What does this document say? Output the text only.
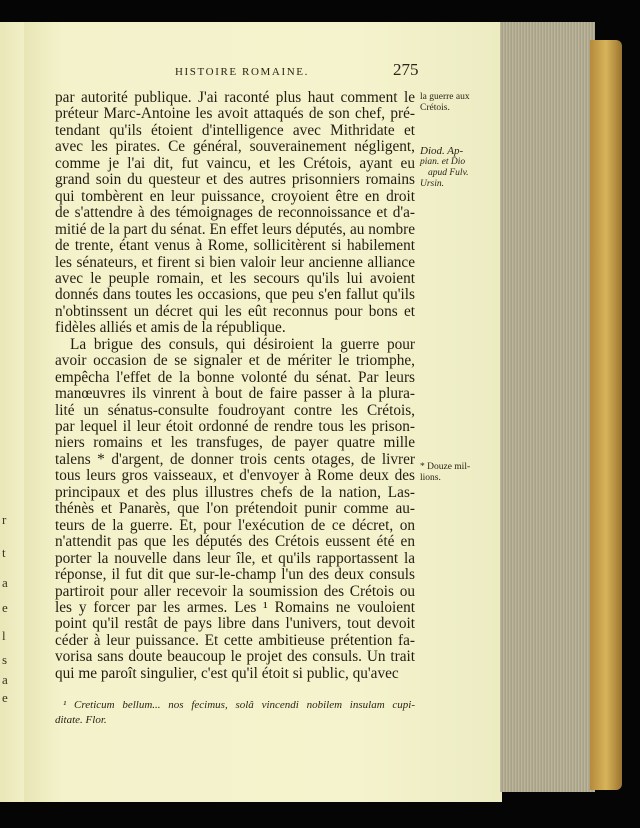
r
t
a
e
l
s
a
e
HISTOIRE ROMAINE.	275
par autorité publique. J'ai raconté plus haut comment le
préteur Marc-Antoine les avoit attaqués de son chef, pré-
tendant qu'ils étoient d'intelligence avec Mithridate et
avec les pirates. Ce général, souverainement négligent,
comme je l'ai dit, fut vaincu, et les Crétois, ayant eu
grand soin du questeur et des autres prisonniers romains
qui tombèrent en leur puissance, croyoient être en droit
de s'attendre à des témoignages de reconnoissance et d'a-
mitié de la part du sénat. En effet leurs députés, au nombre
de trente, étant venus à Rome, sollicitèrent si habilement
les sénateurs, et firent si bien valoir leur ancienne alliance
avec le peuple romain, et les secours qu'ils lui avoient
donnés dans toutes les occasions, que peu s'en fallut qu'ils
n'obtinssent un décret qui les eût reconnus pour bons et
fidèles alliés et amis de la république.
La brigue des consuls, qui désiroient la guerre pour
avoir occasion de se signaler et de mériter le triomphe,
empêcha l'effet de la bonne volonté du sénat. Par leurs
manœuvres ils vinrent à bout de faire passer à la plura-
lité un sénatus-consulte foudroyant contre les Crétois,
par lequel il leur étoit ordonné de rendre tous les prison-
niers romains et les transfuges, de payer quatre mille
talens * d'argent, de donner trois cents otages, de livrer
tous leurs gros vaisseaux, et d'envoyer à Rome deux des
principaux et des plus illustres chefs de la nation, Las-
thénès et Panarès, que l'on prétendoit punir comme au-
teurs de la guerre. Et, pour l'exécution de ce décret, on
n'attendit pas que les députés des Crétois eussent été en
porter la nouvelle dans leur île, et qu'ils rapportassent la
réponse, il fut dit que sur-le-champ l'un des deux consuls
partiroit pour aller recevoir la soumission des Crétois ou
les y forcer par les armes. Les ¹ Romains ne vouloient
point qu'il restât de pays libre dans l'univers, tout devoit
céder à leur puissance. Et cette ambitieuse prétention fa-
vorisa sans doute beaucoup le projet des consuls. Un trait
qui me paroît singulier, c'est qu'il étoit si public, qu'avec
la guerre aux
Crétois.
Diod. Ap-
pian. et Dio
apud Fulv.
Ursin.
* Douze mil-
lions.
¹ Creticum bellum... nos fecimus, solâ vincendi nobilem insulam cupi-
ditate. Flor.
